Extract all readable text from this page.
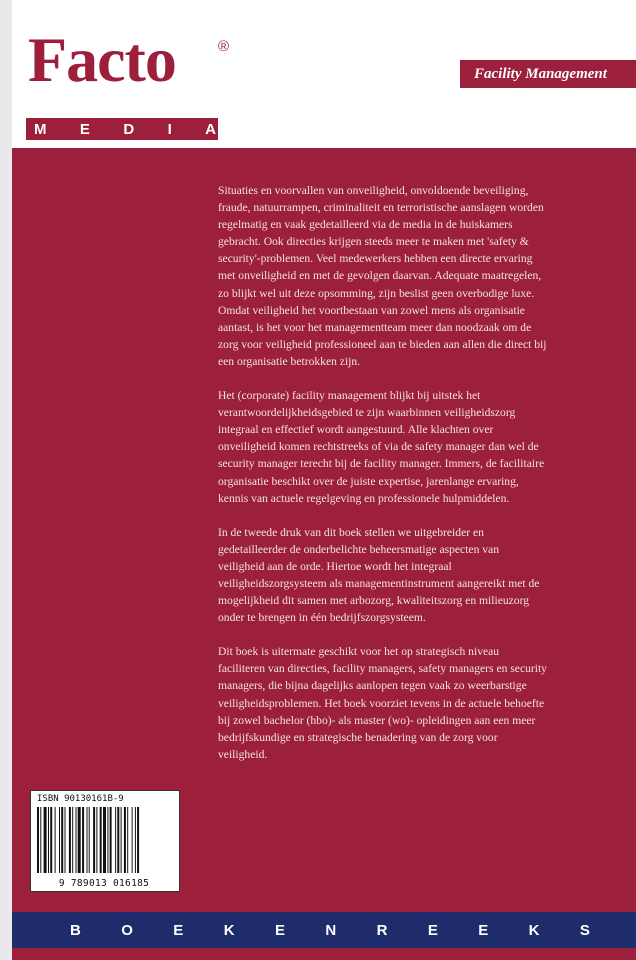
Facto	®
M E D I A
Facility Management

Situaties en voorvallen van onveiligheid, onvoldoende beveiliging, fraude, natuurrampen, criminaliteit en terroristische aanslagen worden regelmatig en vaak gedetailleerd via de media in de huiskamers gebracht. Ook directies krijgen steeds meer te maken met 'safety & security'-problemen. Veel medewerkers hebben een directe ervaring met onveiligheid en met de gevolgen daarvan. Adequate maatregelen, zo blijkt wel uit deze opsomming, zijn beslist geen overbodige luxe. Omdat veiligheid het voortbestaan van zowel mens als organisatie aantast, is het voor het managementteam meer dan noodzaak om de zorg voor veiligheid professioneel aan te bieden aan allen die direct bij een organisatie betrokken zijn.

Het (corporate) facility management blijkt bij uitstek het verantwoordelijkheidsgebied te zijn waarbinnen veiligheidszorg integraal en effectief wordt aangestuurd. Alle klachten over onveiligheid komen rechtstreeks of via de safety manager dan wel de security manager terecht bij de facility manager. Immers, de facilitaire organisatie beschikt over de juiste expertise, jarenlange ervaring, kennis van actuele regelgeving en professionele hulpmiddelen.

In de tweede druk van dit boek stellen we uitgebreider en gedetailleerder de onderbelichte beheersmatige aspecten van veiligheid aan de orde. Hiertoe wordt het integraal veiligheidszorgsysteem als managementinstrument aangereikt met de mogelijkheid dit samen met arbozorg, kwaliteitszorg en milieuzorg onder te brengen in één bedrijfszorgsysteem.

Dit boek is uitermate geschikt voor het op strategisch niveau faciliteren van directies, facility managers, safety managers en security managers, die bijna dagelijks aanlopen tegen vaak zo weerbarstige veiligheidsproblemen. Het boek voorziet tevens in de actuele behoefte bij zowel bachelor (hbo)- als master (wo)- opleidingen aan een meer bedrijfskundige en strategische benadering van de zorg voor veiligheid.

ISBN 90130161B-9
9 789013 016185
B	O	E	K	E	N	R	E	E	K	S
